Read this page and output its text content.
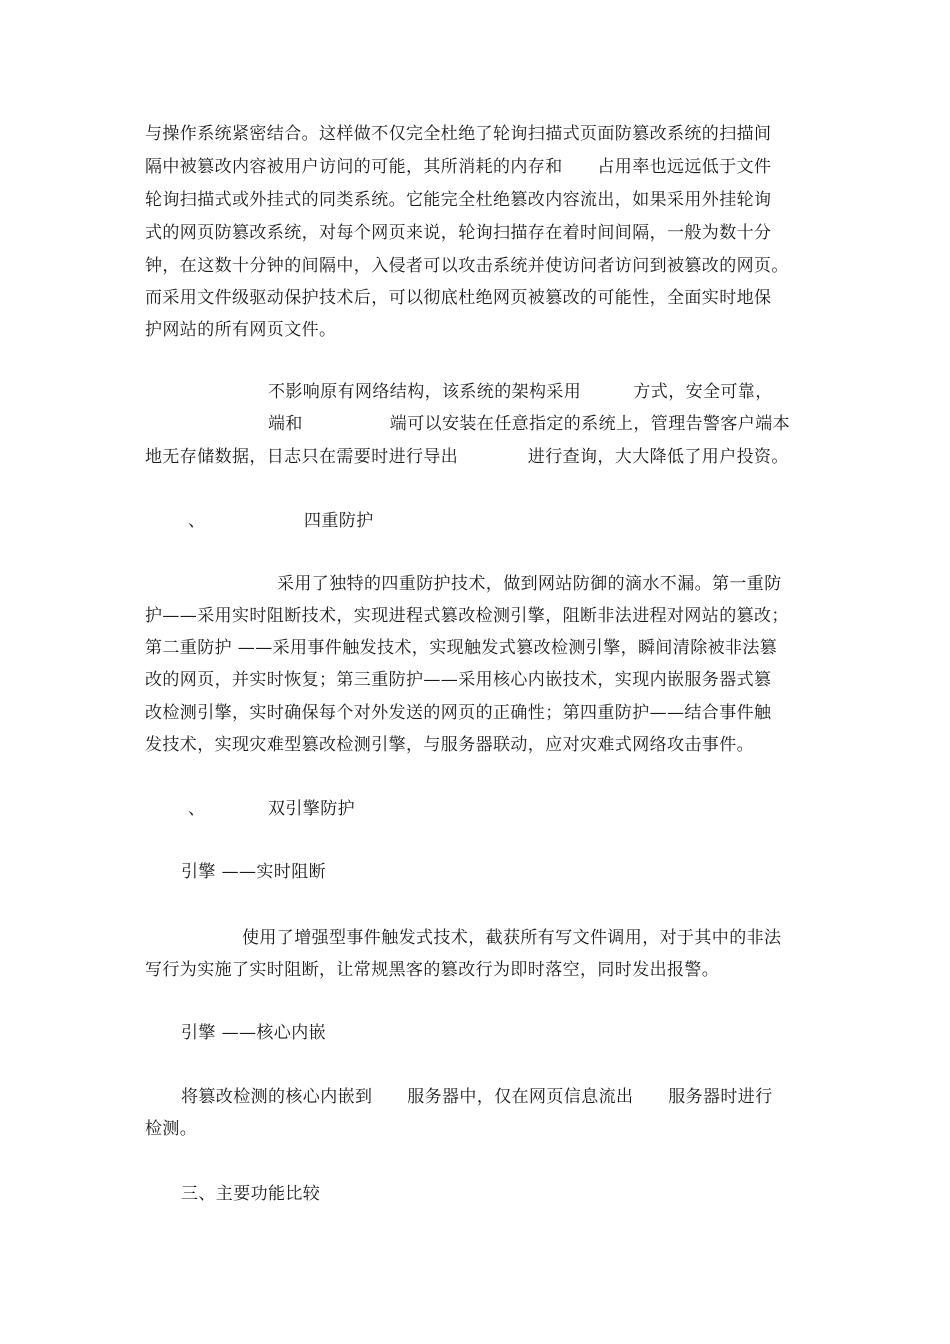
与操作系统紧密结合。这样做不仅完全杜绝了轮询扫描式页面防篡改系统的扫描间
隔中被篡改内容被用户访问的可能，其所消耗的内存和　　占用率也远远低于文件
轮询扫描式或外挂式的同类系统。它能完全杜绝篡改内容流出，如果采用外挂轮询
式的网页防篡改系统，对每个网页来说，轮询扫描存在着时间间隔，一般为数十分
钟，在这数十分钟的间隔中，入侵者可以攻击系统并使访问者访问到被篡改的网页。
而采用文件级驱动保护技术后，可以彻底杜绝网页被篡改的可能性，全面实时地保
护网站的所有网页文件。
不影响原有网络结构，该系统的架构采用　　　方式，安全可靠，
端和　　　　　端可以安装在任意指定的系统上，管理告警客户端本
地无存储数据，日志只在需要时进行导出　　　　进行查询，大大降低了用户投资。
、	四重防护
采用了独特的四重防护技术，做到网站防御的滴水不漏。第一重防
护——采用实时阻断技术，实现进程式篡改检测引擎，阻断非法进程对网站的篡改；
第二重防护 ——采用事件触发技术，实现触发式篡改检测引擎，瞬间清除被非法篡
改的网页，并实时恢复；第三重防护——采用核心内嵌技术，实现内嵌服务器式篡
改检测引擎，实时确保每个对外发送的网页的正确性；第四重防护——结合事件触
发技术，实现灾难型篡改检测引擎，与服务器联动，应对灾难式网络攻击事件。
、	双引擎防护
引擎 ——实时阻断
使用了增强型事件触发式技术，截获所有写文件调用，对于其中的非法
写行为实施了实时阻断，让常规黑客的篡改行为即时落空，同时发出报警。
引擎 ——核心内嵌
将篡改检测的核心内嵌到　　服务器中，仅在网页信息流出　　服务器时进行
检测。
三、主要功能比较
